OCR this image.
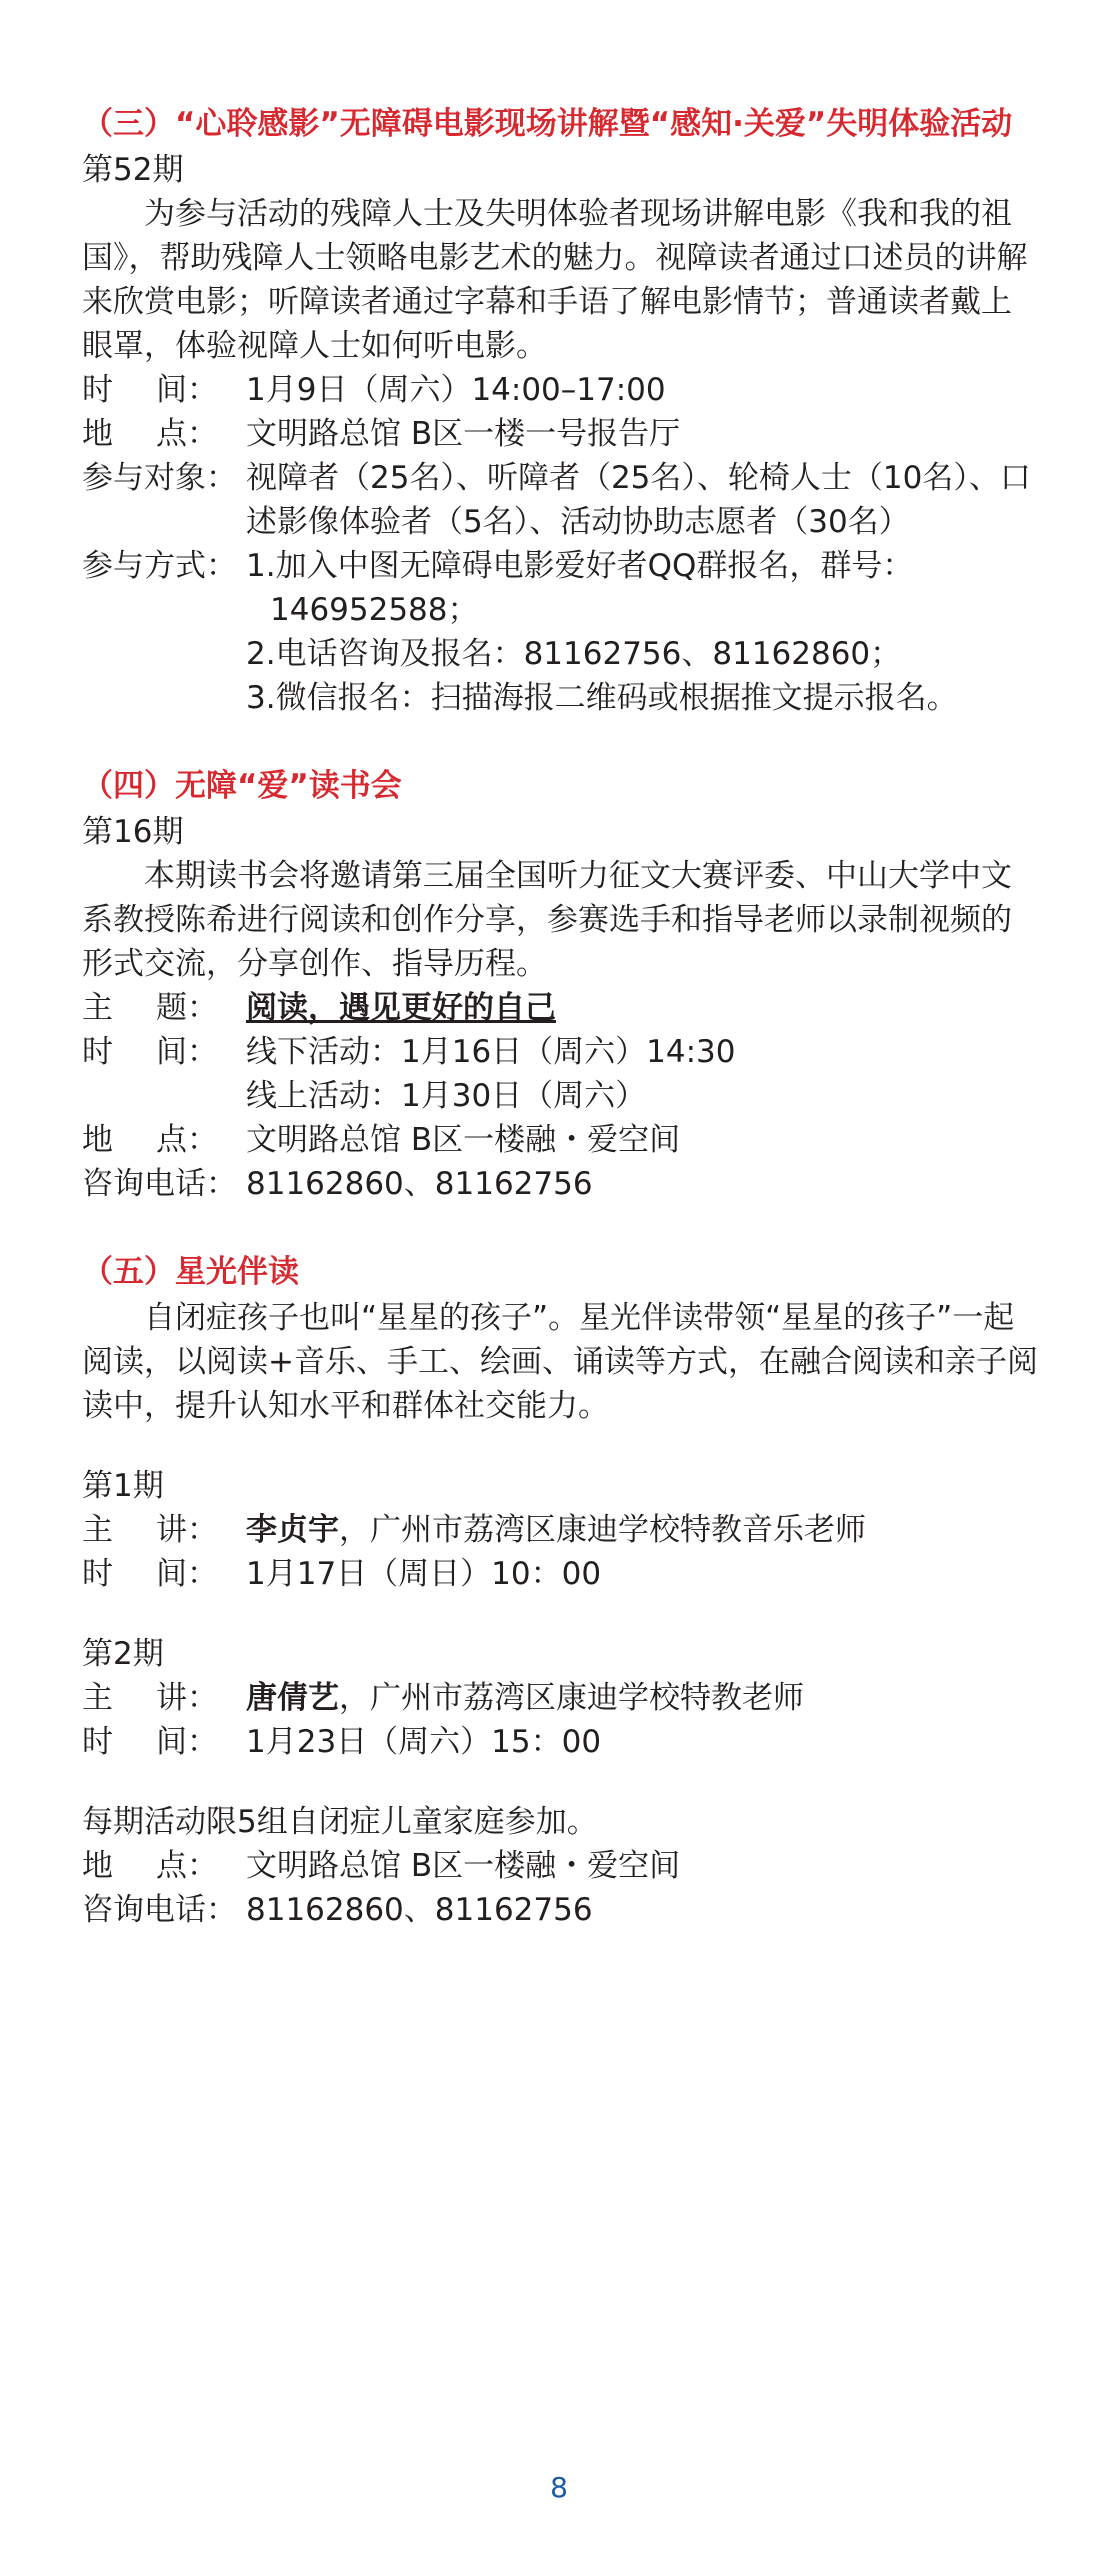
（三）“心聆感影”无障碍电影现场讲解暨“感知·关爱”失明体验活动

第52期

为参与活动的残障人士及失明体验者现场讲解电影《我和我的祖国》，帮助残障人士领略电影艺术的魅力。视障读者通过口述员的讲解来欣赏电影；听障读者通过字幕和手语了解电影情节；普通读者戴上眼罩，体验视障人士如何听电影。

时 间： 1月9日（周六）14:00–17:00
地 点： 文明路总馆 B区一楼一号报告厅
参与对象： 视障者（25名）、听障者（25名）、轮椅人士（10名）、口述影像体验者（5名）、活动协助志愿者（30名）
参与方式： 1.加入中图无障碍电影爱好者QQ群报名，群号：
146952588；
2.电话咨询及报名：81162756、81162860；
3.微信报名：扫描海报二维码或根据推文提示报名。
（四）无障“爱”读书会

第16期

本期读书会将邀请第三届全国听力征文大赛评委、中山大学中文系教授陈希进行阅读和创作分享，参赛选手和指导老师以录制视频的形式交流，分享创作、指导历程。

主 题： 阅读，遇见更好的自己
时 间： 线下活动：1月16日（周六）14:30
线上活动：1月30日（周六）
地 点： 文明路总馆 B区一楼融・爱空间
咨询电话： 81162860、81162756
（五）星光伴读

自闭症孩子也叫“星星的孩子”。星光伴读带领“星星的孩子”一起阅读，以阅读+音乐、手工、绘画、诵读等方式，在融合阅读和亲子阅读中，提升认知水平和群体社交能力。

第1期

主 讲： 李贞宇，广州市荔湾区康迪学校特教音乐老师
时 间： 1月17日（周日）10：00

第2期

主 讲： 唐倩艺，广州市荔湾区康迪学校特教老师
时 间： 1月23日（周六）15：00

每期活动限5组自闭症儿童家庭参加。

地 点： 文明路总馆 B区一楼融・爱空间
咨询电话： 81162860、81162756
8
